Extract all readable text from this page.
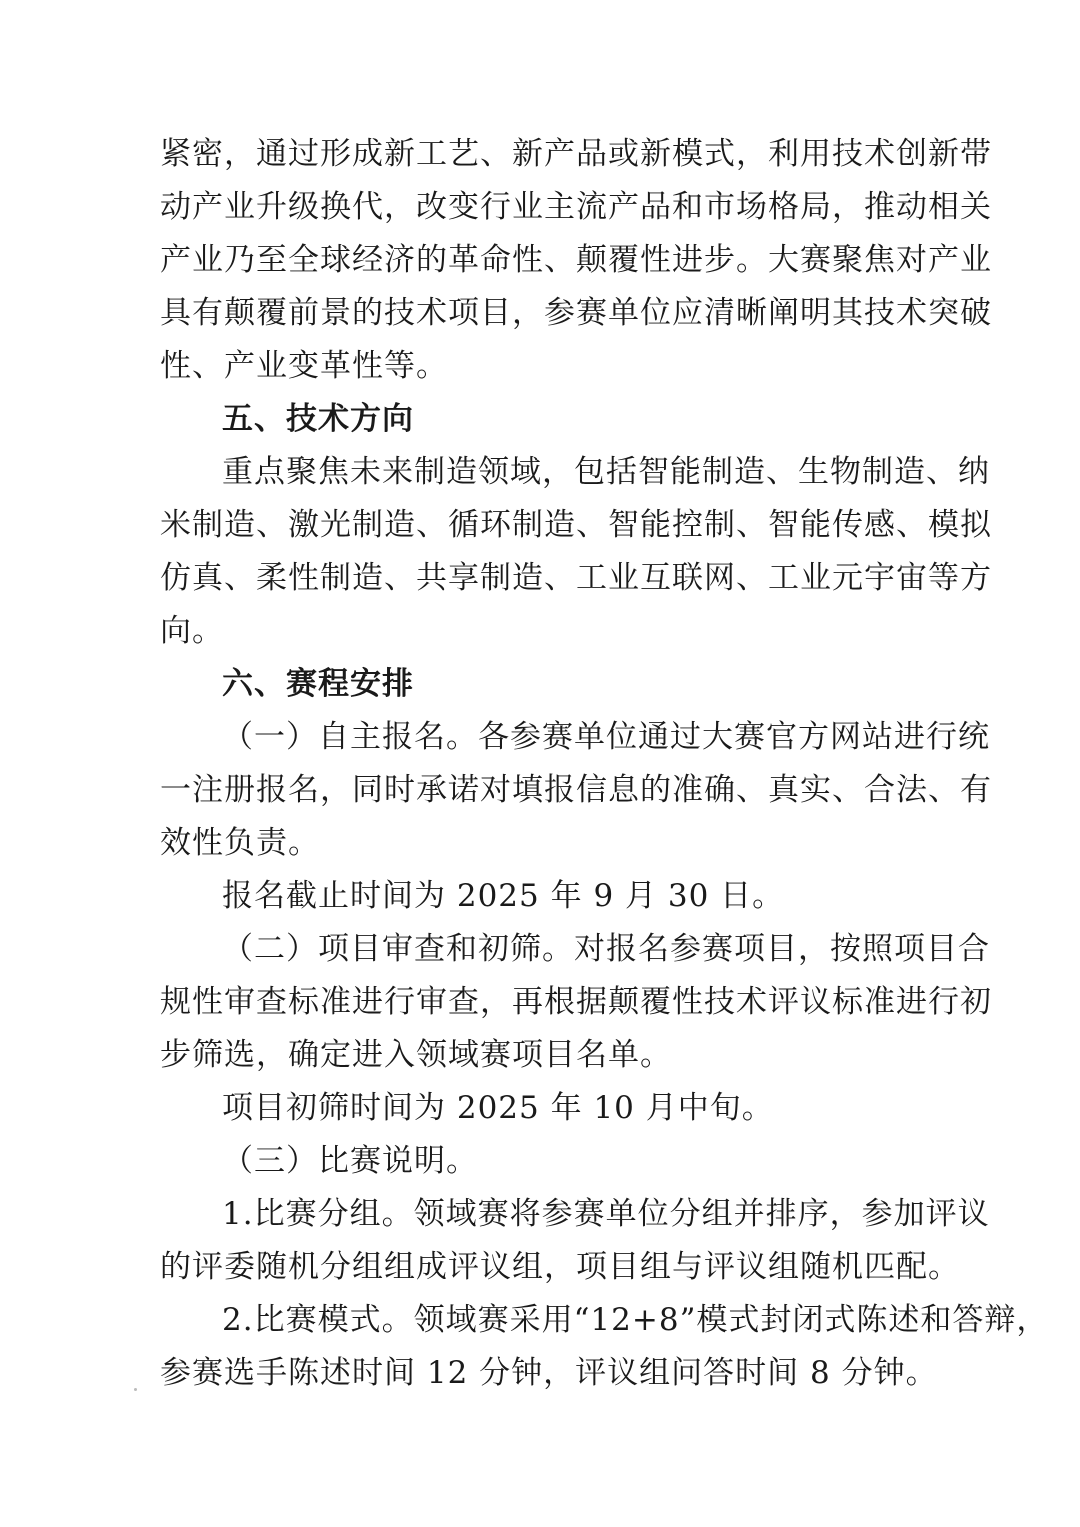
紧密，通过形成新工艺、新产品或新模式，利用技术创新带
动产业升级换代，改变行业主流产品和市场格局，推动相关
产业乃至全球经济的革命性、颠覆性进步。大赛聚焦对产业
具有颠覆前景的技术项目，参赛单位应清晰阐明其技术突破
性、产业变革性等。
五、技术方向
重点聚焦未来制造领域，包括智能制造、生物制造、纳
米制造、激光制造、循环制造、智能控制、智能传感、模拟
仿真、柔性制造、共享制造、工业互联网、工业元宇宙等方
向。
六、赛程安排
（一）自主报名。各参赛单位通过大赛官方网站进行统
一注册报名，同时承诺对填报信息的准确、真实、合法、有
效性负责。
报名截止时间为 2025 年 9 月 30 日。
（二）项目审查和初筛。对报名参赛项目，按照项目合
规性审查标准进行审查，再根据颠覆性技术评议标准进行初
步筛选，确定进入领域赛项目名单。
项目初筛时间为 2025 年 10 月中旬。
（三）比赛说明。
1.比赛分组。领域赛将参赛单位分组并排序，参加评议
的评委随机分组组成评议组，项目组与评议组随机匹配。
2.比赛模式。领域赛采用“12+8”模式封闭式陈述和答辩，
参赛选手陈述时间 12 分钟，评议组问答时间 8 分钟。
